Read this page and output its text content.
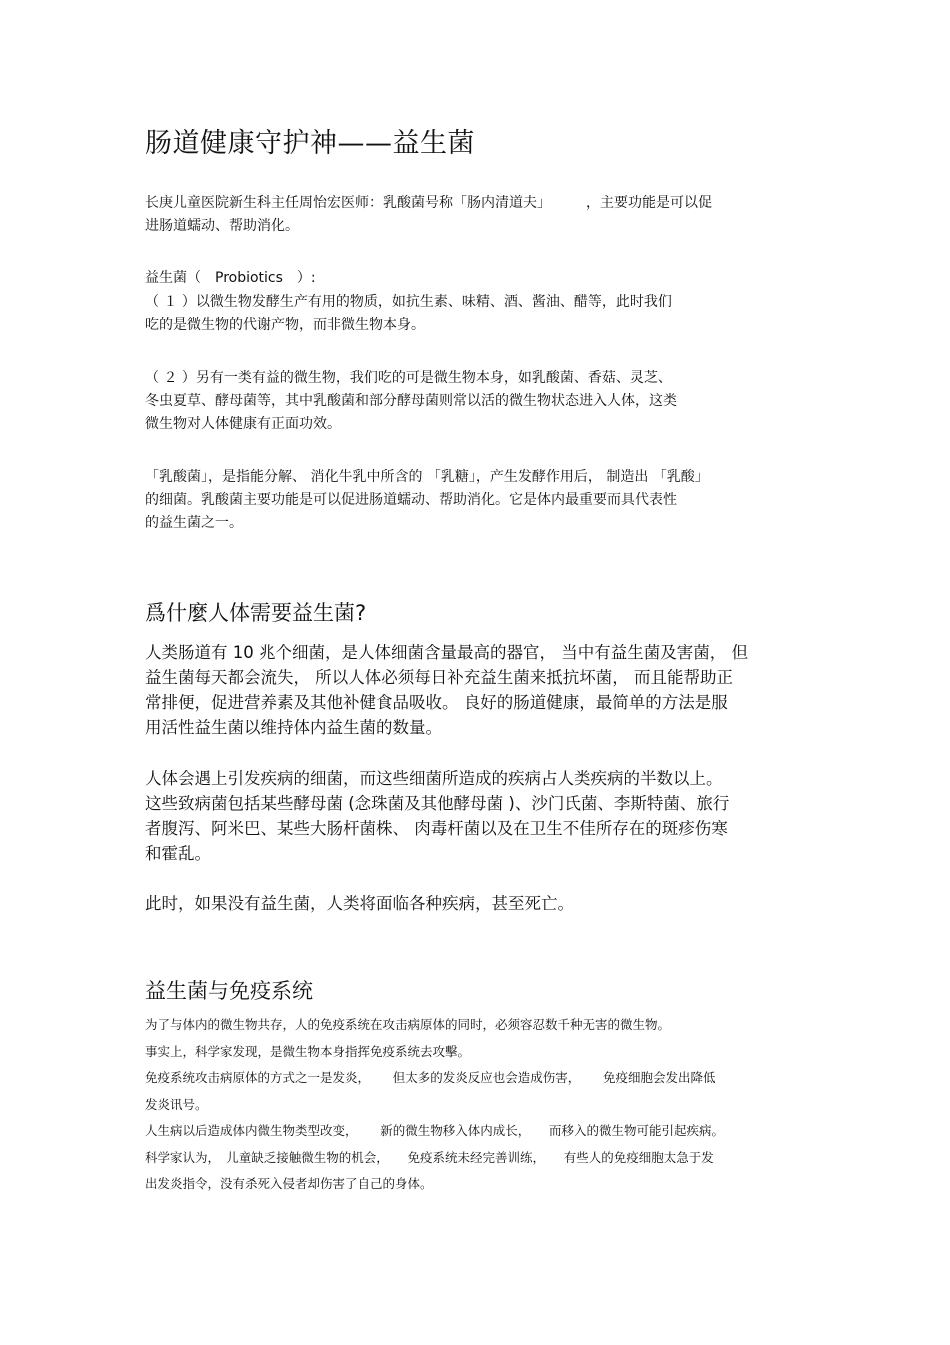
肠道健康守护神——益生菌
长庚儿童医院新生科主任周怡宏医师：乳酸菌号称「肠内清道夫」　　　，主要功能是可以促
进肠道蠕动、帮助消化。
益生菌（　Probiotics　）:
（ １ ）以微生物发酵生产有用的物质，如抗生素、味精、酒、酱油、醋等，此时我们
吃的是微生物的代谢产物，而非微生物本身。
（ ２ ）另有一类有益的微生物，我们吃的可是微生物本身，如乳酸菌、香菇、灵芝、
冬虫夏草、酵母菌等，其中乳酸菌和部分酵母菌则常以活的微生物状态进入人体，这类
微生物对人体健康有正面功效。
「乳酸菌」，是指能分解、 消化牛乳中所含的 「乳糖」，产生发酵作用后， 制造出 「乳酸」
的细菌。乳酸菌主要功能是可以促进肠道蠕动、帮助消化。它是体内最重要而具代表性
的益生菌之一。
爲什麼人体需要益生菌?
人类肠道有 10 兆个细菌，是人体细菌含量最高的器官， 当中有益生菌及害菌， 但
益生菌每天都会流失， 所以人体必须每日补充益生菌来抵抗坏菌， 而且能帮助正
常排便，促进营养素及其他补健食品吸收。 良好的肠道健康，最简单的方法是服
用活性益生菌以维持体内益生菌的数量。
人体会遇上引发疾病的细菌，而这些细菌所造成的疾病占人类疾病的半数以上。
这些致病菌包括某些酵母菌 (念珠菌及其他酵母菌 )、沙门氏菌、李斯特菌、旅行
者腹泻、阿米巴、某些大肠杆菌株、 肉毒杆菌以及在卫生不佳所存在的斑疹伤寒
和霍乱。
此时，如果没有益生菌，人类将面临各种疾病，甚至死亡。
益生菌与免疫系统
为了与体内的微生物共存，人的免疫系统在攻击病原体的同时，必须容忍数千种无害的微生物。
事实上，科学家发现，是微生物本身指挥免疫系统去攻擊。
免疫系统攻击病原体的方式之一是发炎，　　 但太多的发炎反应也会造成伤害，　　 免疫细胞会发出降低
发炎讯号。
人生病以后造成体内微生物类型改变，　　 新的微生物移入体内成长，　　而移入的微生物可能引起疾病。
科学家认为，　儿童缺乏接触微生物的机会，　　免疫系统未经完善训练，　　有些人的免疫细胞太急于发
出发炎指令，没有杀死入侵者却伤害了自己的身体。
